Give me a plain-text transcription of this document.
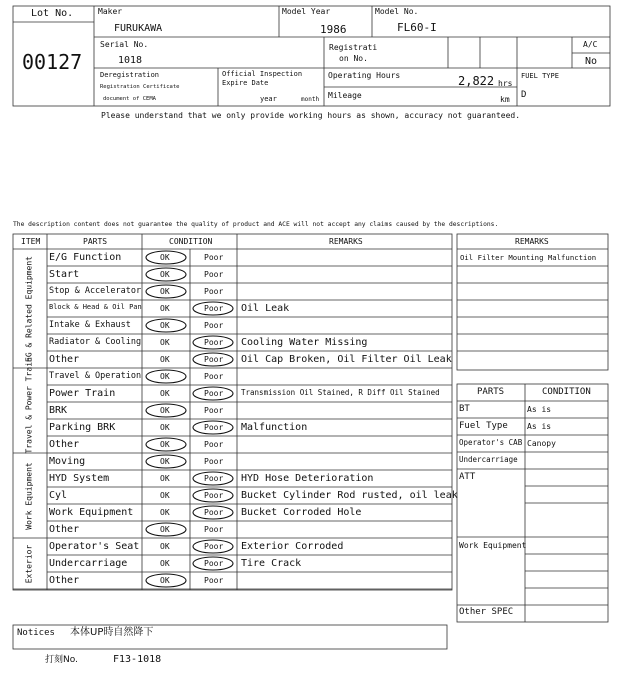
Lot No.
00127
Maker
FURUKAWA
Model Year
1986
Model No.
FL60-I
Serial No.
1018
Registrati
on No.
A/C
No
Deregistration
Registration Certificate
document of CEMA
Official Inspection
Expire Date
year	month
Operating Hours	2,822 hrs
Mileage	km
FUEL TYPE
D
Please understand that we only provide working hours as shown, accuracy not guaranteed.
The description content does not guarantee the quality of product and ACE will not accept any claims caused by the descriptions.
ITEM	PARTS	CONDITION	REMARKS
E/G Function	OK	Poor
Start	OK	Poor
Stop & Accelerator OK	Poor
Block & Head & Oil Pan OK	Poor Oil Leak
Intake & Exhaust	OK	Poor
Radiator & Cooling OK	Poor Cooling Water Missing
Other	OK	Poor Oil Cap Broken, Oil Filter Oil Leak
EG & Related Equipment
Travel & Operation OK	Poor
Power Train	OK	Poor Transmission Oil Stained, R Diff Oil Stained
BRK	OK	Poor
Parking BRK	OK	Poor Malfunction
Other	OK	Poor
Travel & Power Train
Moving	OK	Poor
HYD System	OK	Poor HYD Hose Deterioration
Cyl	OK	Poor Bucket Cylinder Rod rusted, oil leak
Work Equipment	OK	Poor Bucket Corroded Hole
Other	OK	Poor
Work Equipment
Operator's Seat	OK	Poor Exterior Corroded
Undercarriage	OK	Poor Tire Crack
Other	OK	Poor
Exterior
REMARKS
Oil Filter Mounting Malfunction
PARTS	CONDITION
BT	As is
Fuel Type As is
Operator's CAB Canopy
Undercarriage
ATT
Work Equipment
Other SPEC
Notices 本体UP時自然降下
打刻No.	F13-1018
